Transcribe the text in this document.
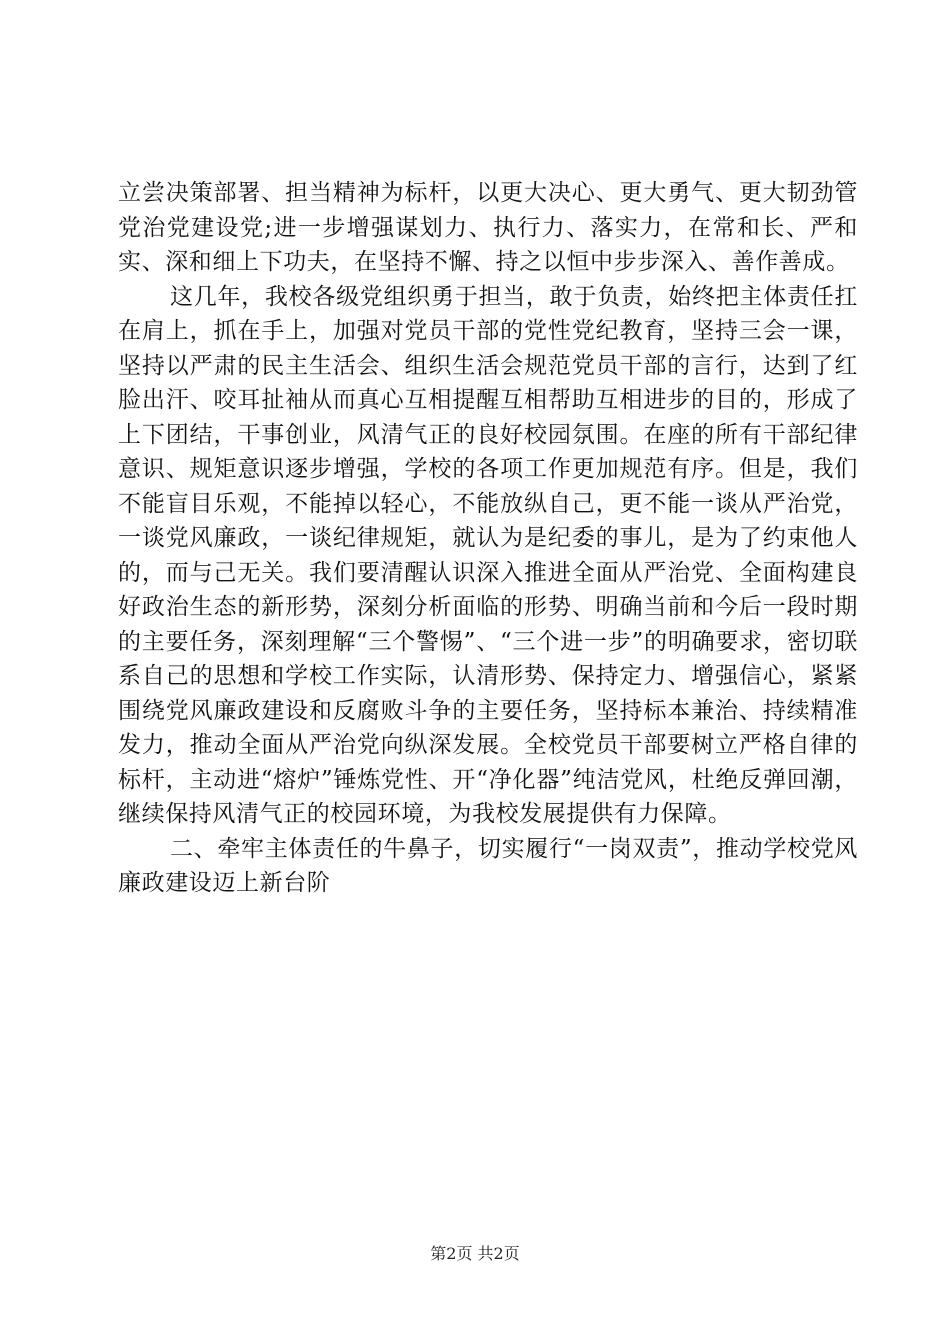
立尝决策部署、担当精神为标杆，以更大决心、更大勇气、更大韧劲管党治党建设党;进一步增强谋划力、执行力、落实力，在常和长、严和实、深和细上下功夫，在坚持不懈、持之以恒中步步深入、善作善成。

这几年，我校各级党组织勇于担当，敢于负责，始终把主体责任扛在肩上，抓在手上，加强对党员干部的党性党纪教育，坚持三会一课，坚持以严肃的民主生活会、组织生活会规范党员干部的言行，达到了红脸出汗、咬耳扯袖从而真心互相提醒互相帮助互相进步的目的，形成了上下团结，干事创业，风清气正的良好校园氛围。在座的所有干部纪律意识、规矩意识逐步增强，学校的各项工作更加规范有序。但是，我们不能盲目乐观，不能掉以轻心，不能放纵自己，更不能一谈从严治党，一谈党风廉政，一谈纪律规矩，就认为是纪委的事儿，是为了约束他人的，而与己无关。我们要清醒认识深入推进全面从严治党、全面构建良好政治生态的新形势，深刻分析面临的形势、明确当前和今后一段时期的主要任务，深刻理解“三个警惕”、“三个进一步”的明确要求，密切联系自己的思想和学校工作实际，认清形势、保持定力、增强信心，紧紧围绕党风廉政建设和反腐败斗争的主要任务，坚持标本兼治、持续精准发力，推动全面从严治党向纵深发展。全校党员干部要树立严格自律的标杆，主动进“熔炉”锤炼党性、开“净化器”纯洁党风，杜绝反弹回潮，继续保持风清气正的校园环境，为我校发展提供有力保障。

二、牵牢主体责任的牛鼻子，切实履行“一岗双责”，推动学校党风廉政建设迈上新台阶

第2页 共2页
